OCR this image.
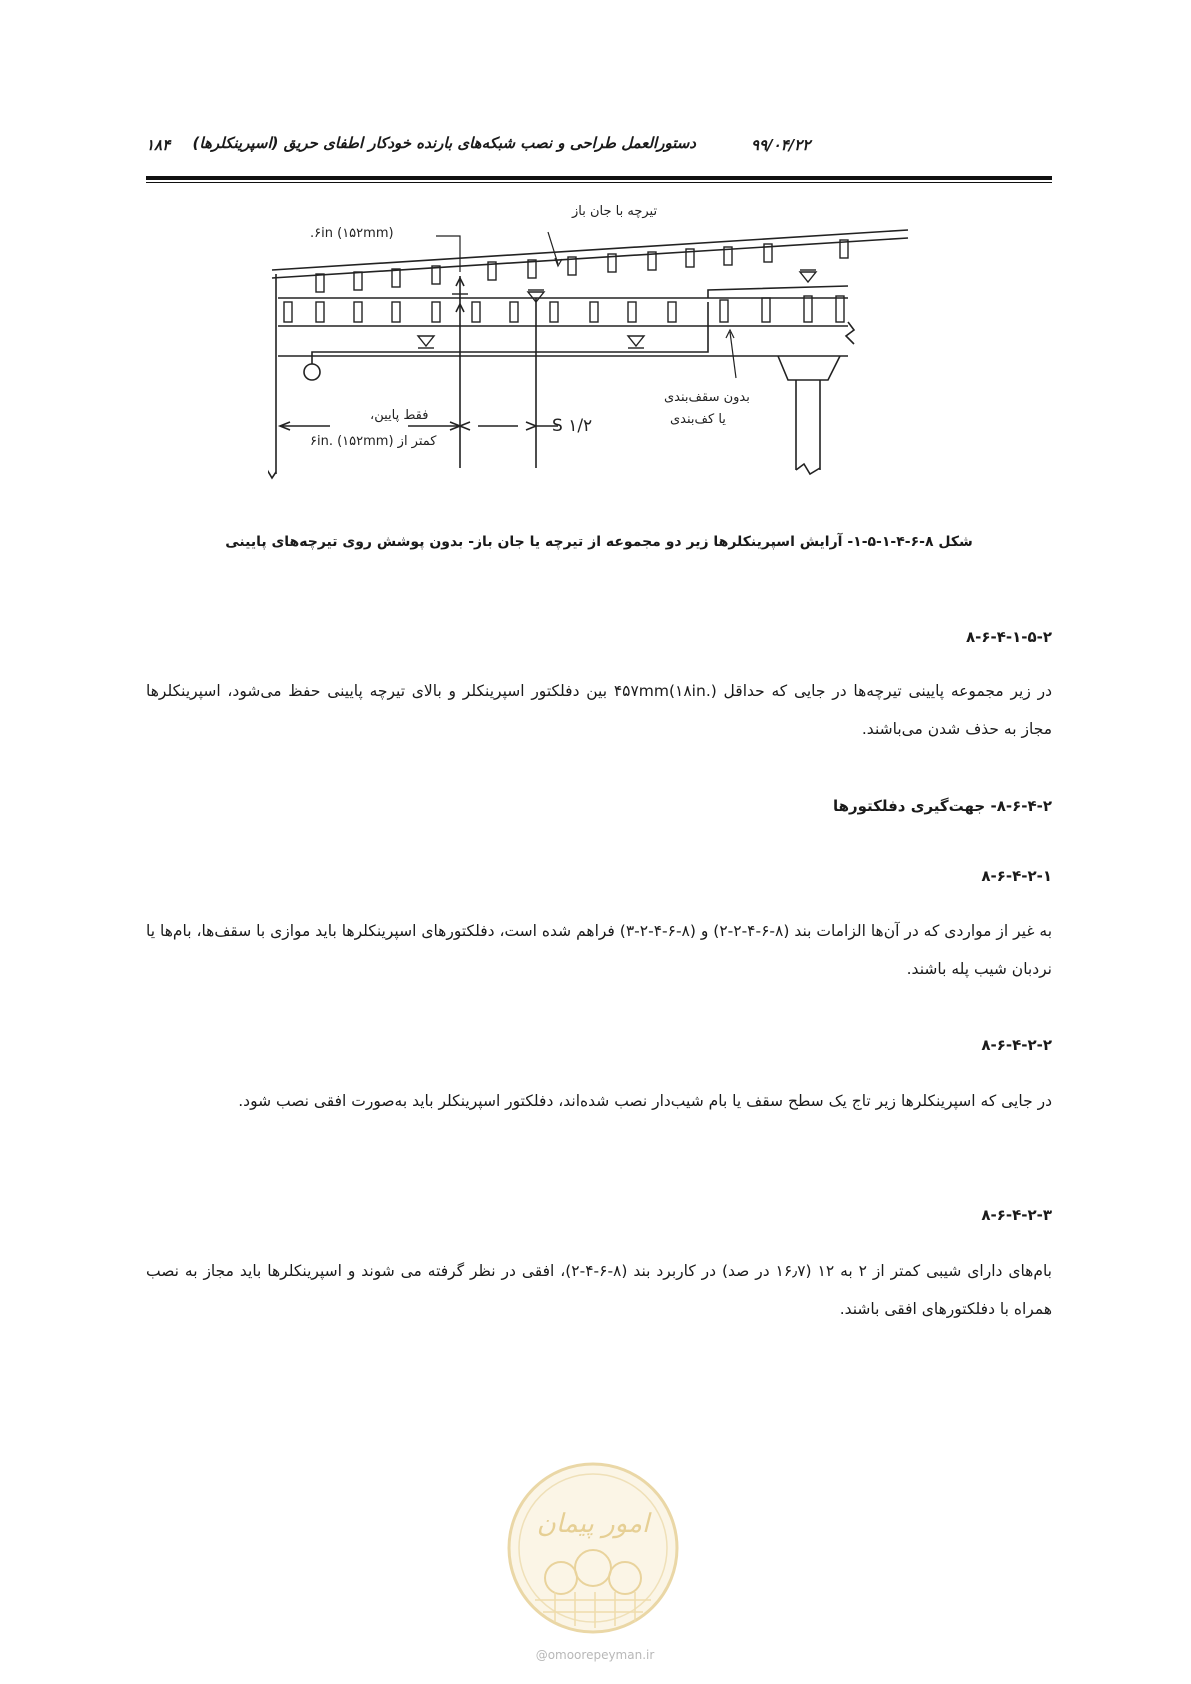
دستورالعمل طراحی و نصب شبکه‌های بارنده خودکار اطفای حریق (اسپرینکلرها)	۹۹/۰۴/۲۲
۱۸۴
تیرچه با جان باز
(۱۵۲mm) ۶in.
فقط پایین،
کمتر از ۶in. (۱۵۲mm)
۱/۲ S
بدون سقف‌بندی
یا کف‌بندی
شکل ۸-۶-۴-۱-۵-۱- آرایش اسپرینکلرها زیر دو مجموعه از تیرچه یا جان باز- بدون پوشش روی تیرچه‌های پایینی
۸-۶-۴-۱-۵-۲
در زیر مجموعه پایینی تیرچه‌ها در جایی که حداقل ۴۵۷mm(۱۸in.) بین دفلکتور اسپرینکلر و بالای تیرچه پایینی حفظ می‌شود، اسپرینکلرها مجاز به حذف شدن می‌باشند.
۸-۶-۴-۲- جهت‌گیری دفلکتورها
۸-۶-۴-۲-۱
به غیر از مواردی که در آن‌ها الزامات بند (۸-۶-۴-۲-۲) و (۸-۶-۴-۲-۳) فراهم شده است، دفلکتورهای اسپرینکلرها باید موازی با سقف‌ها، بام‌ها یا نردبان شیب پله باشند.
۸-۶-۴-۲-۲
در جایی که اسپرینکلرها زیر تاج یک سطح سقف یا بام شیب‌دار نصب شده‌اند، دفلکتور اسپرینکلر باید به‌صورت افقی نصب شود.
۸-۶-۴-۲-۳
بام‌های دارای شیبی کمتر از ۲ به ۱۲ (۱۶٫۷ در صد) در کاربرد بند (۸-۶-۴-۲)، افقی در نظر گرفته می شوند و اسپرینکلرها باید مجاز به نصب همراه با دفلکتورهای افقی باشند.
امور پیمان
@omoorepeyman.ir
